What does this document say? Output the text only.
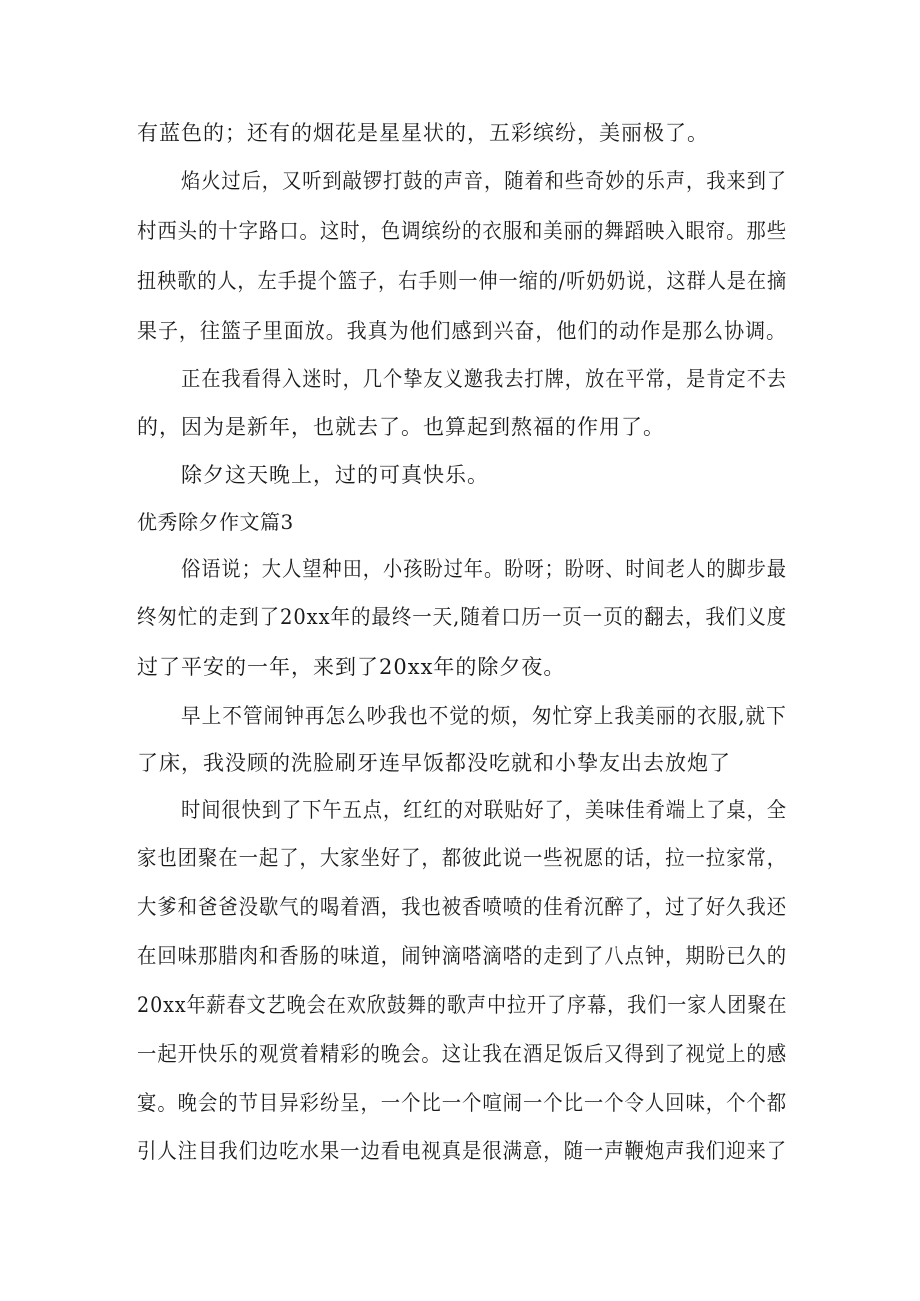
有蓝色的；还有的烟花是星星状的，五彩缤纷，美丽极了。
焰火过后，又听到敲锣打鼓的声音，随着和些奇妙的乐声，我来到了
村西头的十字路口。这时，色调缤纷的衣服和美丽的舞蹈映入眼帘。那些
扭秧歌的人，左手提个篮子，右手则一伸一缩的/听奶奶说，这群人是在摘
果子，往篮子里面放。我真为他们感到兴奋，他们的动作是那么协调。
正在我看得入迷时，几个挚友义邀我去打牌，放在平常，是肯定不去
的，因为是新年，也就去了。也算起到熬福的作用了。
除夕这天晚上，过的可真快乐。
优秀除夕作文篇3
俗语说；大人望种田，小孩盼过年。盼呀；盼呀、时间老人的脚步最
终匆忙的走到了20xx年的最终一天,随着口历一页一页的翻去，我们义度
过了平安的一年，来到了20xx年的除夕夜。
早上不管闹钟再怎么吵我也不觉的烦，匆忙穿上我美丽的衣服,就下
了床，我没顾的洗脸刷牙连早饭都没吃就和小挚友出去放炮了
时间很快到了下午五点，红红的对联贴好了，美味佳肴端上了桌，全
家也团聚在一起了，大家坐好了，都彼此说一些祝愿的话，拉一拉家常，
大爹和爸爸没歇气的喝着酒，我也被香喷喷的佳肴沉醉了，过了好久我还
在回味那腊肉和香肠的味道，闹钟滴嗒滴嗒的走到了八点钟，期盼已久的
20xx年薪春文艺晚会在欢欣鼓舞的歌声中拉开了序幕，我们一家人团聚在
一起开快乐的观赏着精彩的晚会。这让我在酒足饭后又得到了视觉上的感
宴。晚会的节目异彩纷呈，一个比一个喧闹一个比一个令人回味，个个都
引人注目我们边吃水果一边看电视真是很满意，随一声鞭炮声我们迎来了
